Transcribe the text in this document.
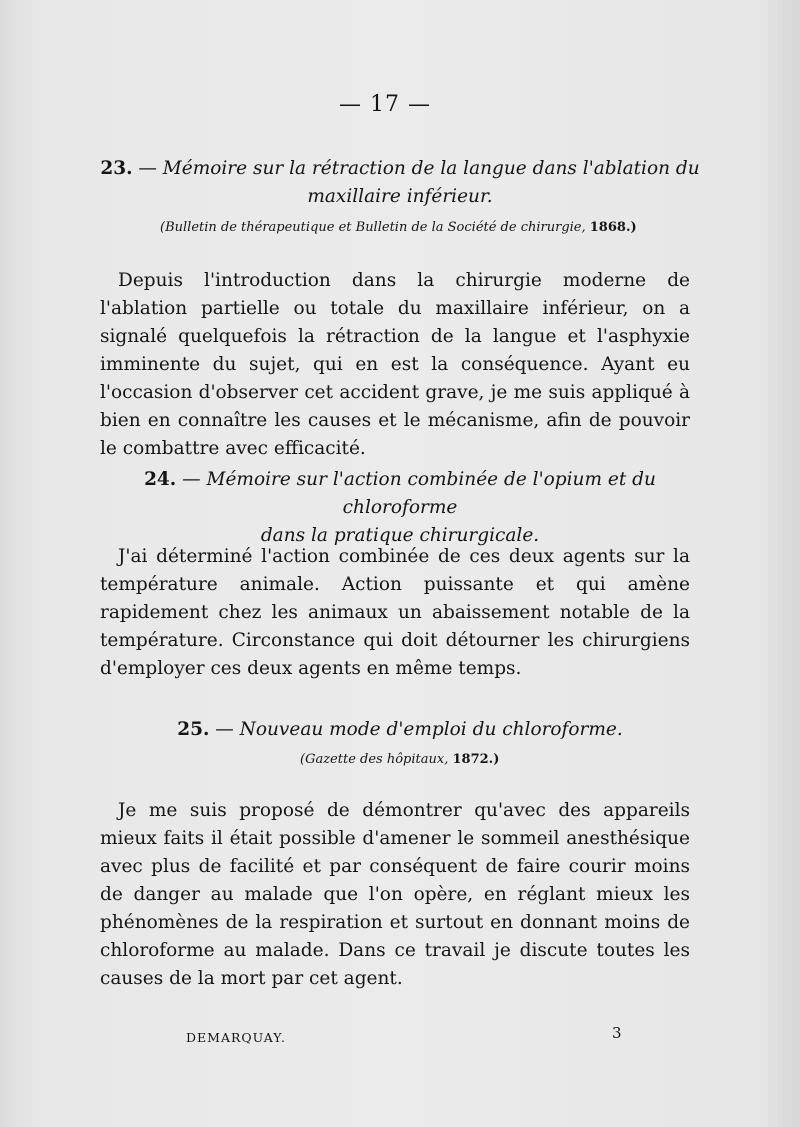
— 17 —
23. — Mémoire sur la rétraction de la langue dans l'ablation du
maxillaire inférieur.
(Bulletin de thérapeutique et Bulletin de la Société de chirurgie, 1868.)
Depuis l'introduction dans la chirurgie moderne de l'ablation partielle ou totale du maxillaire inférieur, on a signalé quelquefois la rétraction de la langue et l'asphyxie imminente du sujet, qui en est la conséquence. Ayant eu l'occasion d'observer cet accident grave, je me suis appliqué à bien en connaître les causes et le mécanisme, afin de pouvoir le combattre avec efficacité.
24. — Mémoire sur l'action combinée de l'opium et du chloroforme
dans la pratique chirurgicale.
J'ai déterminé l'action combinée de ces deux agents sur la température animale. Action puissante et qui amène rapidement chez les animaux un abaissement notable de la température. Circonstance qui doit détourner les chirurgiens d'employer ces deux agents en même temps.
25. — Nouveau mode d'emploi du chloroforme.
(Gazette des hôpitaux, 1872.)
Je me suis proposé de démontrer qu'avec des appareils mieux faits il était possible d'amener le sommeil anesthésique avec plus de facilité et par conséquent de faire courir moins de danger au malade que l'on opère, en réglant mieux les phénomènes de la respiration et surtout en donnant moins de chloroforme au malade. Dans ce travail je discute toutes les causes de la mort par cet agent.
DEMARQUAY.	3
